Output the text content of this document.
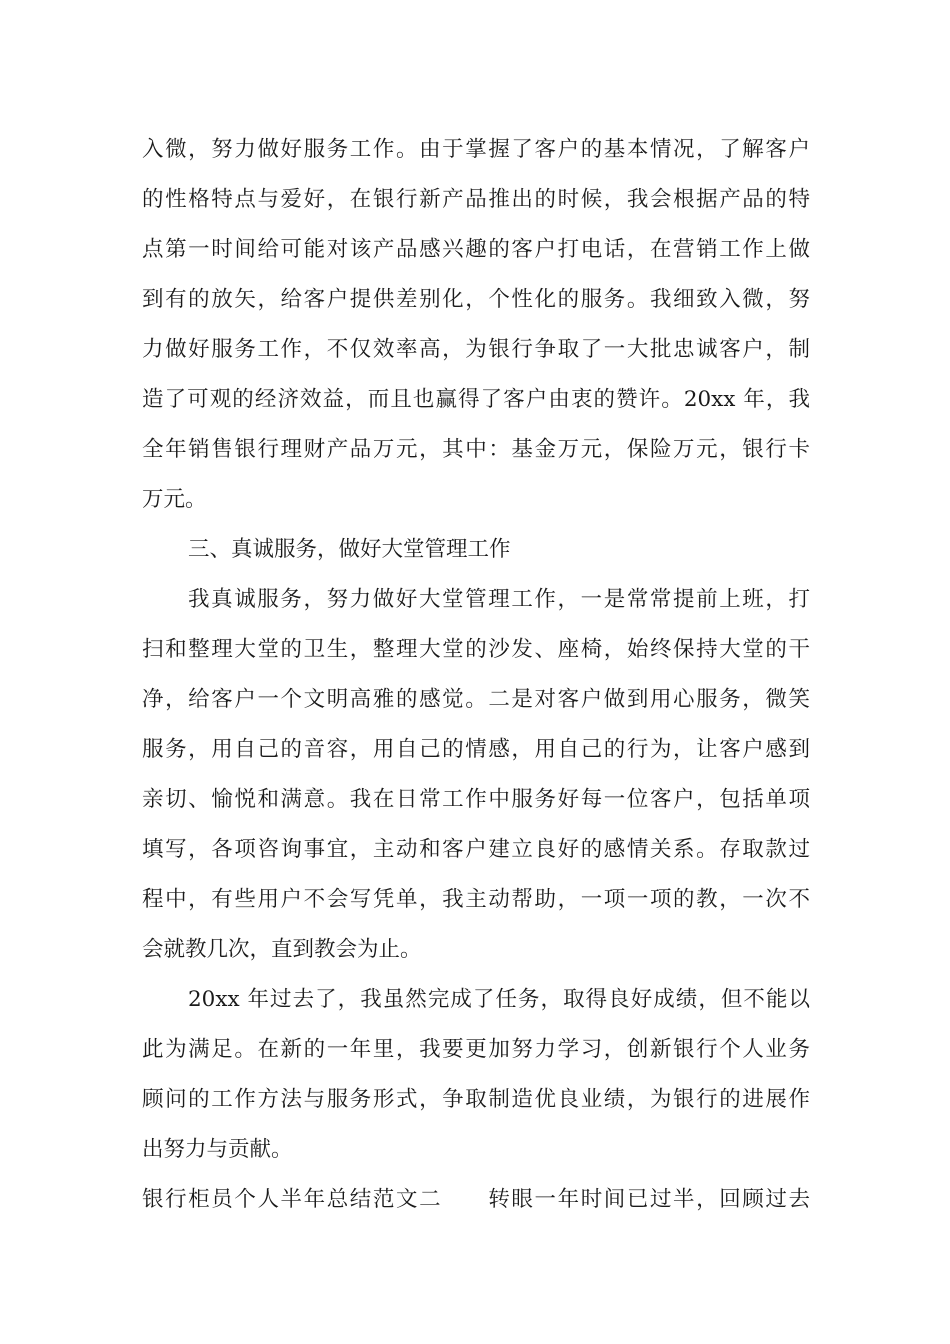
入微，努力做好服务工作。由于掌握了客户的基本情况，了解客户
的性格特点与爱好，在银行新产品推出的时候，我会根据产品的特
点第一时间给可能对该产品感兴趣的客户打电话，在营销工作上做
到有的放矢，给客户提供差别化，个性化的服务。我细致入微，努
力做好服务工作，不仅效率高，为银行争取了一大批忠诚客户，制
造了可观的经济效益，而且也赢得了客户由衷的赞许。20xx 年，我
全年销售银行理财产品万元，其中：基金万元，保险万元，银行卡
万元。
三、真诚服务，做好大堂管理工作
我真诚服务，努力做好大堂管理工作，一是常常提前上班，打
扫和整理大堂的卫生，整理大堂的沙发、座椅，始终保持大堂的干
净，给客户一个文明高雅的感觉。二是对客户做到用心服务，微笑
服务，用自己的音容，用自己的情感，用自己的行为，让客户感到
亲切、愉悦和满意。我在日常工作中服务好每一位客户，包括单项
填写，各项咨询事宜，主动和客户建立良好的感情关系。存取款过
程中，有些用户不会写凭单，我主动帮助，一项一项的教，一次不
会就教几次，直到教会为止。
20xx 年过去了，我虽然完成了任务，取得良好成绩，但不能以
此为满足。在新的一年里，我要更加努力学习，创新银行个人业务
顾问的工作方法与服务形式，争取制造优良业绩，为银行的进展作
出努力与贡献。
银行柜员个人半年总结范文二　　转眼一年时间已过半，回顾过去
